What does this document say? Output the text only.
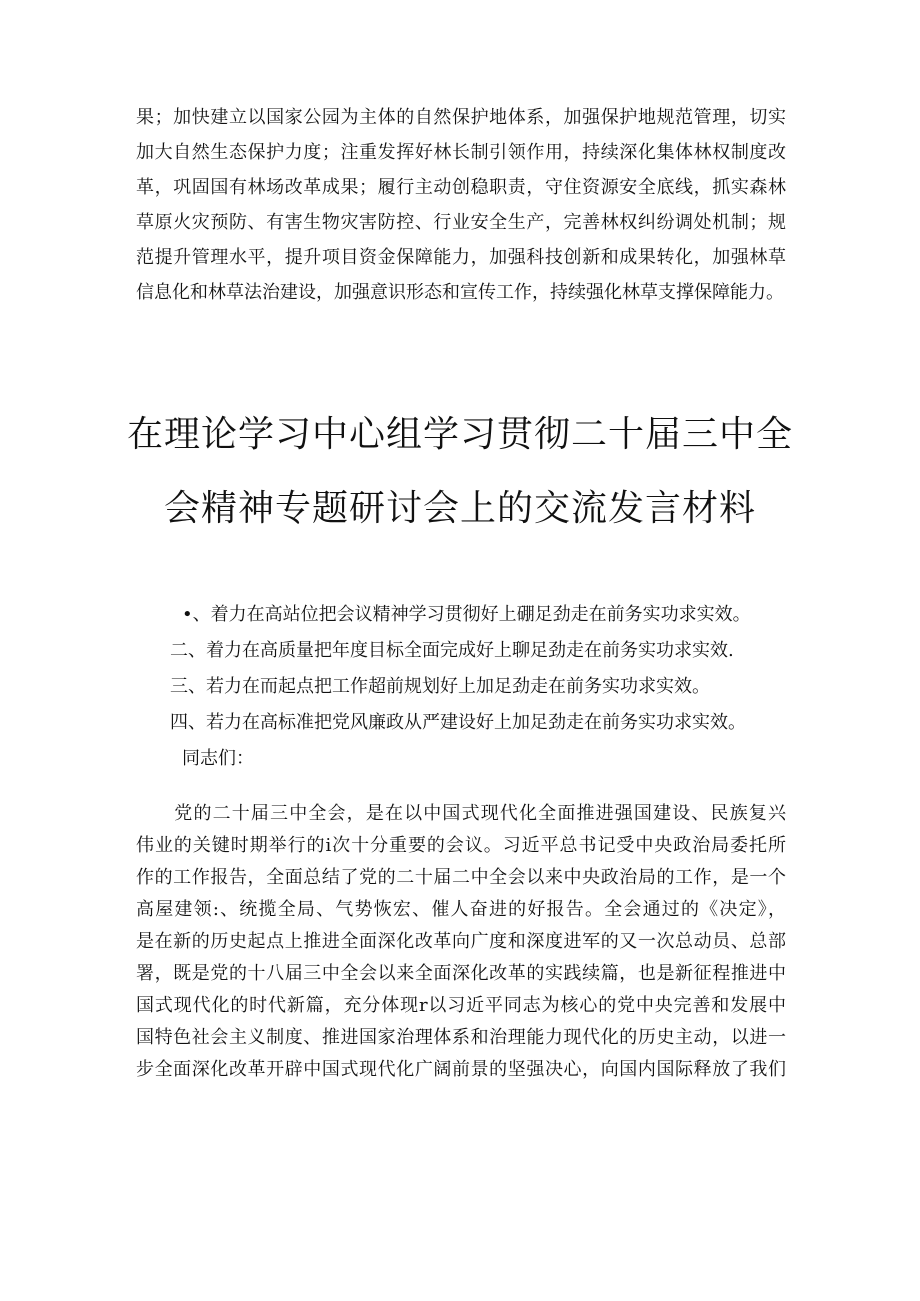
果；加快建立以国家公园为主体的自然保护地体系，加强保护地规范管理，切实
加大自然生态保护力度；注重发挥好林长制引领作用，持续深化集体林权制度改
革，巩固国有林场改革成果；履行主动创稳职责，守住资源安全底线，抓实森林
草原火灾预防、有害生物灾害防控、行业安全生产，完善林权纠纷调处机制；规
范提升管理水平，提升项目资金保障能力，加强科技创新和成果转化，加强林草
信息化和林草法治建设，加强意识形态和宣传工作，持续强化林草支撑保障能力。
在理论学习中心组学习贯彻二十届三中全
会精神专题研讨会上的交流发言材料
•、着力在高站位把会议精神学习贯彻好上硼足劲走在前务实功求实效。
二、着力在高质量把年度目标全面完成好上聊足劲走在前务实功求实效.
三、若力在而起点把工作超前规划好上加足劲走在前务实功求实效。
四、若力在高标准把党风廉政从严建设好上加足劲走在前务实功求实效。
同志们：
　　党的二十届三中全会，是在以中国式现代化全面推进强国建设、民族复兴
伟业的关键时期举行的i次十分重要的会议。习近平总书记受中央政治局委托所
作的工作报告，全面总结了党的二十届二中全会以来中央政治局的工作，是一个
高屋建领:、统揽全局、气势恢宏、催人奋进的好报告。全会通过的《决定》，
是在新的历史起点上推进全面深化改革向广度和深度进军的又一次总动员、总部
署，既是党的十八届三中全会以来全面深化改革的实践续篇，也是新征程推进中
国式现代化的时代新篇，充分体现r以习近平同志为核心的党中央完善和发展中
国特色社会主义制度、推进国家治理体系和治理能力现代化的历史主动，以进一
步全面深化改革开辟中国式现代化广阔前景的坚强决心，向国内国际释放了我们
